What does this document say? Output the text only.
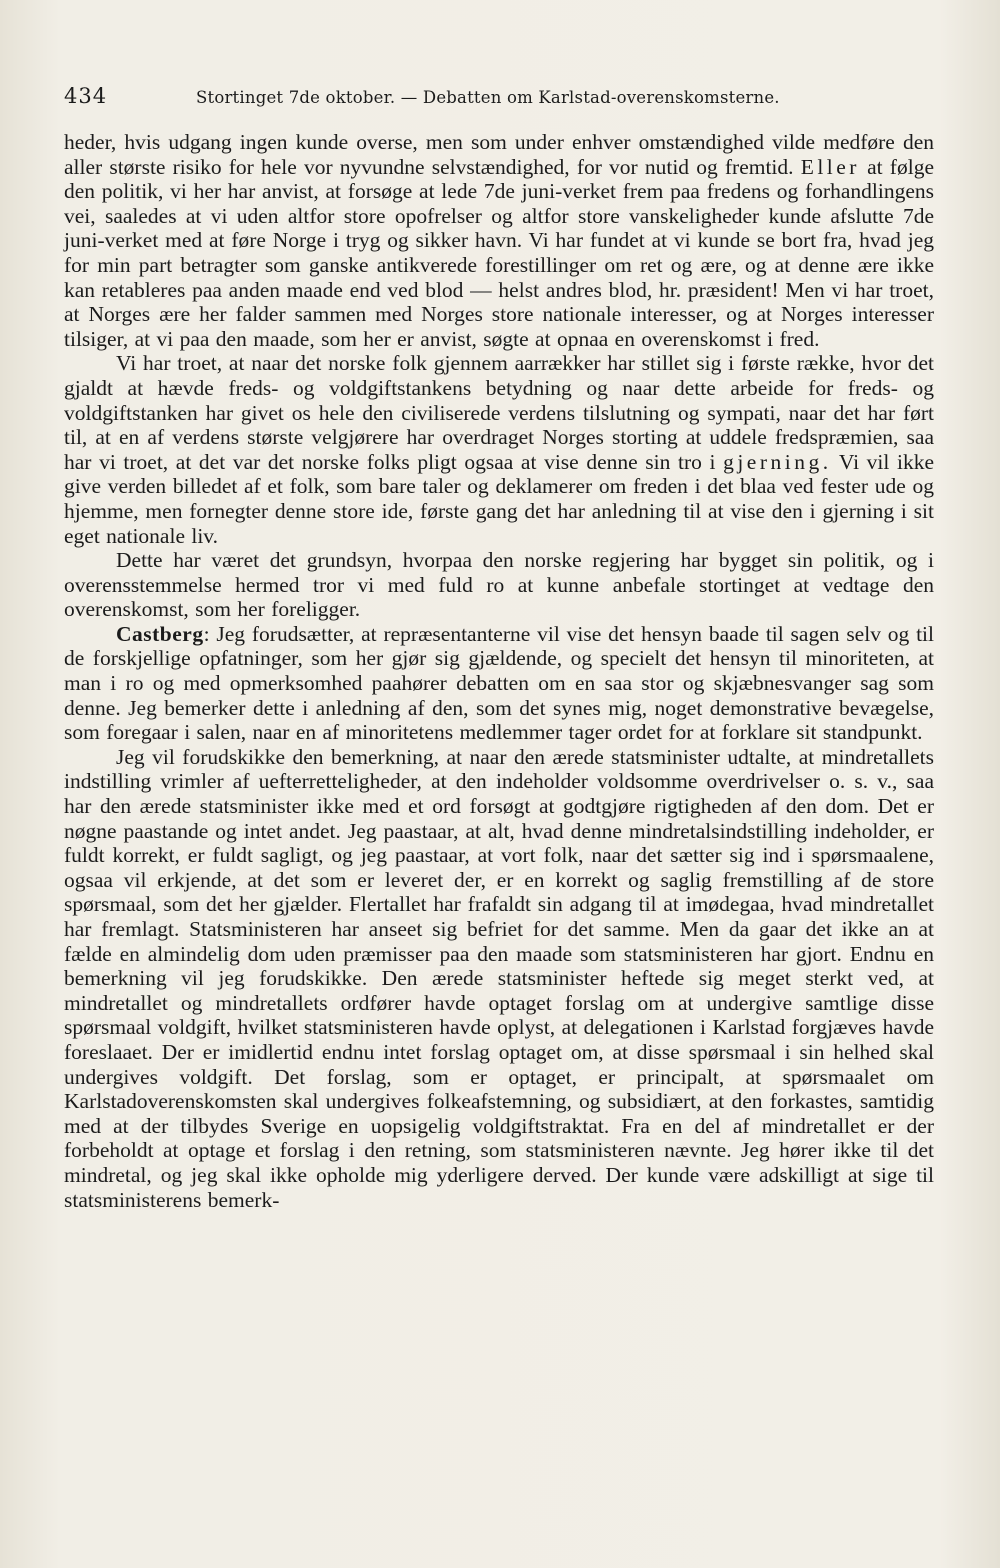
434	Stortinget 7de oktober. — Debatten om Karlstad-overenskomsterne.

heder, hvis udgang ingen kunde overse, men som under enhver omstændighed vilde medføre den aller største risiko for hele vor nyvundne selvstændighed, for vor nutid og fremtid. Eller at følge den politik, vi her har anvist, at forsøge at lede 7de juni-verket frem paa fredens og forhandlingens vei, saaledes at vi uden altfor store opofrelser og altfor store vanskeligheder kunde afslutte 7de juni-verket med at føre Norge i tryg og sikker havn. Vi har fundet at vi kunde se bort fra, hvad jeg for min part betragter som ganske antikverede forestillinger om ret og ære, og at denne ære ikke kan retableres paa anden maade end ved blod — helst andres blod, hr. præsident! Men vi har troet, at Norges ære her falder sammen med Norges store nationale interesser, og at Norges interesser tilsiger, at vi paa den maade, som her er anvist, søgte at opnaa en overenskomst i fred.

Vi har troet, at naar det norske folk gjennem aarrækker har stillet sig i første række, hvor det gjaldt at hævde freds- og voldgiftstankens betydning og naar dette arbeide for freds- og voldgiftstanken har givet os hele den civiliserede verdens tilslutning og sympati, naar det har ført til, at en af verdens største velgjørere har overdraget Norges storting at uddele fredspræmien, saa har vi troet, at det var det norske folks pligt ogsaa at vise denne sin tro i gjerning. Vi vil ikke give verden billedet af et folk, som bare taler og deklamerer om freden i det blaa ved fester ude og hjemme, men fornegter denne store ide, første gang det har anledning til at vise den i gjerning i sit eget nationale liv.

Dette har været det grundsyn, hvorpaa den norske regjering har bygget sin politik, og i overensstemmelse hermed tror vi med fuld ro at kunne anbefale stortinget at vedtage den overenskomst, som her foreligger.

Castberg: Jeg forudsætter, at repræsentanterne vil vise det hensyn baade til sagen selv og til de forskjellige opfatninger, som her gjør sig gjældende, og specielt det hensyn til minoriteten, at man i ro og med opmerksomhed paahører debatten om en saa stor og skjæbnesvanger sag som denne. Jeg bemerker dette i anledning af den, som det synes mig, noget demonstrative bevægelse, som foregaar i salen, naar en af minoritetens medlemmer tager ordet for at forklare sit standpunkt.

Jeg vil forudskikke den bemerkning, at naar den ærede statsminister udtalte, at mindretallets indstilling vrimler af uefterretteligheder, at den indeholder voldsomme overdrivelser o. s. v., saa har den ærede statsminister ikke med et ord forsøgt at godtgjøre rigtigheden af den dom. Det er nøgne paastande og intet andet. Jeg paastaar, at alt, hvad denne mindretalsindstilling indeholder, er fuldt korrekt, er fuldt sagligt, og jeg paastaar, at vort folk, naar det sætter sig ind i spørsmaalene, ogsaa vil erkjende, at det som er leveret der, er en korrekt og saglig fremstilling af de store spørsmaal, som det her gjælder. Flertallet har frafaldt sin adgang til at imødegaa, hvad mindretallet har fremlagt. Statsministeren har anseet sig befriet for det samme. Men da gaar det ikke an at fælde en almindelig dom uden præmisser paa den maade som statsministeren har gjort. Endnu en bemerkning vil jeg forudskikke. Den ærede statsminister heftede sig meget sterkt ved, at mindretallet og mindretallets ordfører havde optaget forslag om at undergive samtlige disse spørsmaal voldgift, hvilket statsministeren havde oplyst, at delegationen i Karlstad forgjæves havde foreslaaet. Der er imidlertid endnu intet forslag optaget om, at disse spørsmaal i sin helhed skal undergives voldgift. Det forslag, som er optaget, er principalt, at spørsmaalet om Karlstadoverenskomsten skal undergives folkeafstemning, og subsidiært, at den forkastes, samtidig med at der tilbydes Sverige en uopsigelig voldgiftstraktat. Fra en del af mindretallet er der forbeholdt at optage et forslag i den retning, som statsministeren nævnte. Jeg hører ikke til det mindretal, og jeg skal ikke opholde mig yderligere derved. Der kunde være adskilligt at sige til statsministerens bemerk-
